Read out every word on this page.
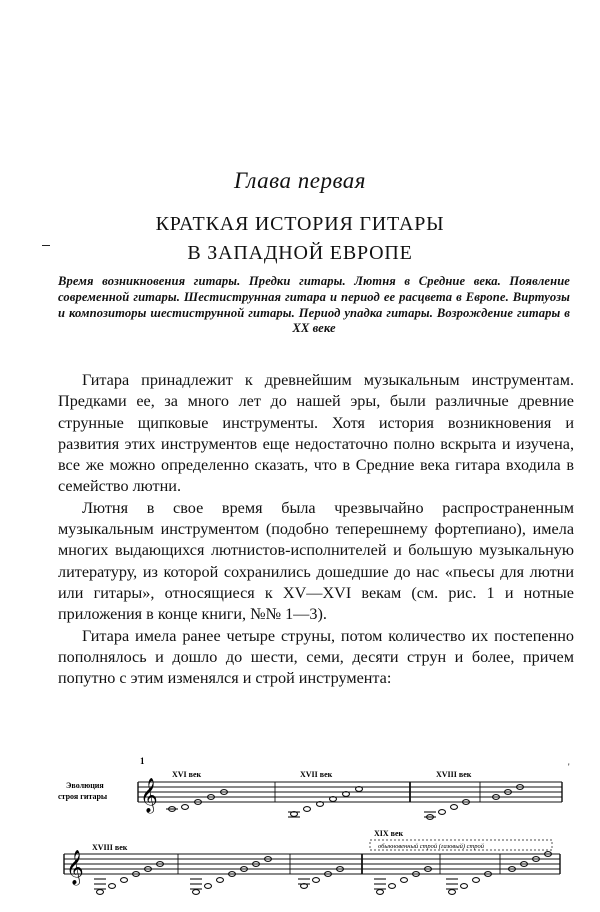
Глава первая
КРАТКАЯ ИСТОРИЯ ГИТАРЫ
В ЗАПАДНОЙ ЕВРОПЕ
Время возникновения гитары. Предки гитары. Лютня в Средние века. Появление современной гитары. Шестиструнная гитара и период ее расцвета в Европе. Виртуозы и композиторы шестиструнной гитары. Период упадка гитары. Возрождение гитары в XX веке

Гитара принадлежит к древнейшим музыкальным инструментам. Предками ее, за много лет до нашей эры, были различные древние струнные щипковые инструменты. Хотя история возникновения и развития этих инструментов еще недостаточно полно вскрыта и изучена, все же можно определенно сказать, что в Средние века гитара входила в семейство лютни.

Лютня в свое время была чрезвычайно распространенным музыкальным инструментом (подобно теперешнему фортепиано), имела многих выдающихся лютнистов-исполнителей и большую музыкальную литературу, из которой сохранились дошедшие до нас «пьесы для лютни или гитары», относящиеся к XV—XVI векам (см. рис. 1 и нотные приложения в конце книги, №№ 1—3).

Гитара имела ранее четыре струны, потом количество их постепенно пополнялось и дошло до шести, семи, десяти струн и более, причем попутно с этим изменялся и строй инструмента:

1
Эволюция
строя гитары 𝄞
XVI век	XVII век	XVIII век
'
𝄞
XVIII век
XIX век
обыкновенный строй (газовый) строй
